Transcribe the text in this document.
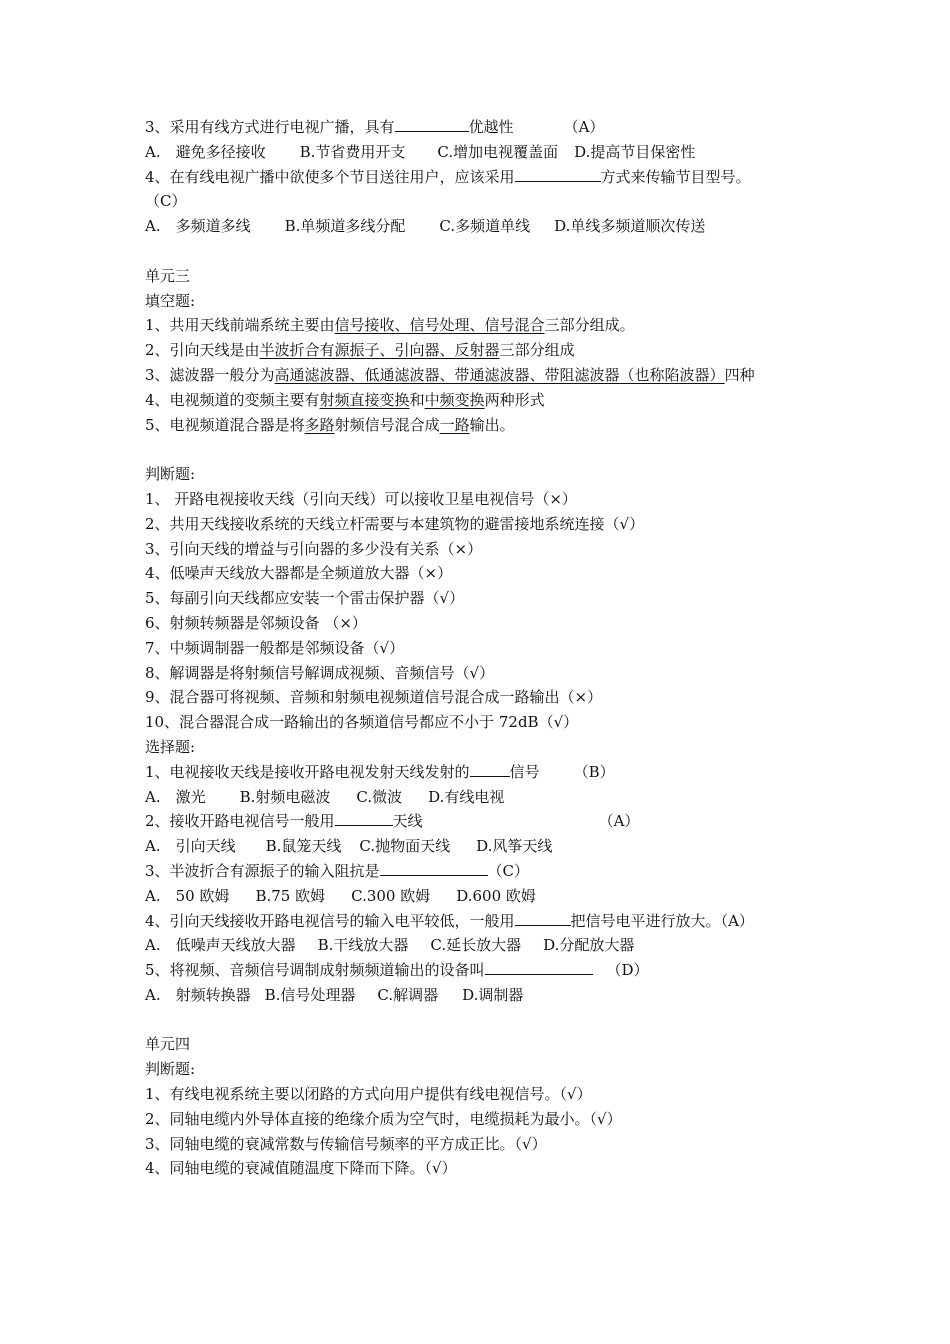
3、采用有线方式进行电视广播，具有	优越性	（A）
A.　避免多径接收 B.节省费用开支 C.增加电视覆盖面 D.提高节目保密性
4、在有线电视广播中欲使多个节目送往用户，应该采用	方式来传输节目型号。
（C）
A.　多频道多线 B.单频道多线分配 C.多频道单线 D.单线多频道顺次传送
单元三
填空题:
1、共用天线前端系统主要由信号接收、信号处理、信号混合三部分组成。
2、引向天线是由半波折合有源振子、引向器、反射器三部分组成
3、滤波器一般分为高通滤波器、低通滤波器、带通滤波器、带阻滤波器（也称陷波器）四种
4、电视频道的变频主要有射频直接变换和中频变换两种形式
5、电视频道混合器是将多路射频信号混合成一路输出。
判断题:
1、 开路电视接收天线（引向天线）可以接收卫星电视信号（×）
2、共用天线接收系统的天线立杆需要与本建筑物的避雷接地系统连接（√）
3、引向天线的增益与引向器的多少没有关系（×）
4、低噪声天线放大器都是全频道放大器（×）
5、每副引向天线都应安装一个雷击保护器（√）
6、射频转频器是邻频设备 （×）
7、中频调制器一般都是邻频设备（√）
8、解调器是将射频信号解调成视频、音频信号（√）
9、混合器可将视频、音频和射频电视频道信号混合成一路输出（×）
10、混合器混合成一路输出的各频道信号都应不小于 72dB（√）
选择题:
1、电视接收天线是接收开路电视发射天线发射的	信号 （B）
A.　激光 B.射频电磁波 C.微波 D.有线电视
2、接收开路电视信号一般用	天线	（A）
A.　引向天线 B.鼠笼天线 C.抛物面天线 D.风筝天线
3、半波折合有源振子的输入阻抗是	（C）
A.　50 欧姆 B.75 欧姆 C.300 欧姆 D.600 欧姆
4、引向天线接收开路电视信号的输入电平较低，一般用	把信号电平进行放大。（A）
A.　低噪声天线放大器 B.干线放大器 C.延长放大器 D.分配放大器
5、将视频、音频信号调制成射频频道输出的设备叫	（D）
A.　射频转换器 B.信号处理器 C.解调器 D.调制器
单元四
判断题:
1、有线电视系统主要以闭路的方式向用户提供有线电视信号。（√）
2、同轴电缆内外导体直接的绝缘介质为空气时，电缆损耗为最小。（√）
3、同轴电缆的衰减常数与传输信号频率的平方成正比。（√）
4、同轴电缆的衰减值随温度下降而下降。（√）
